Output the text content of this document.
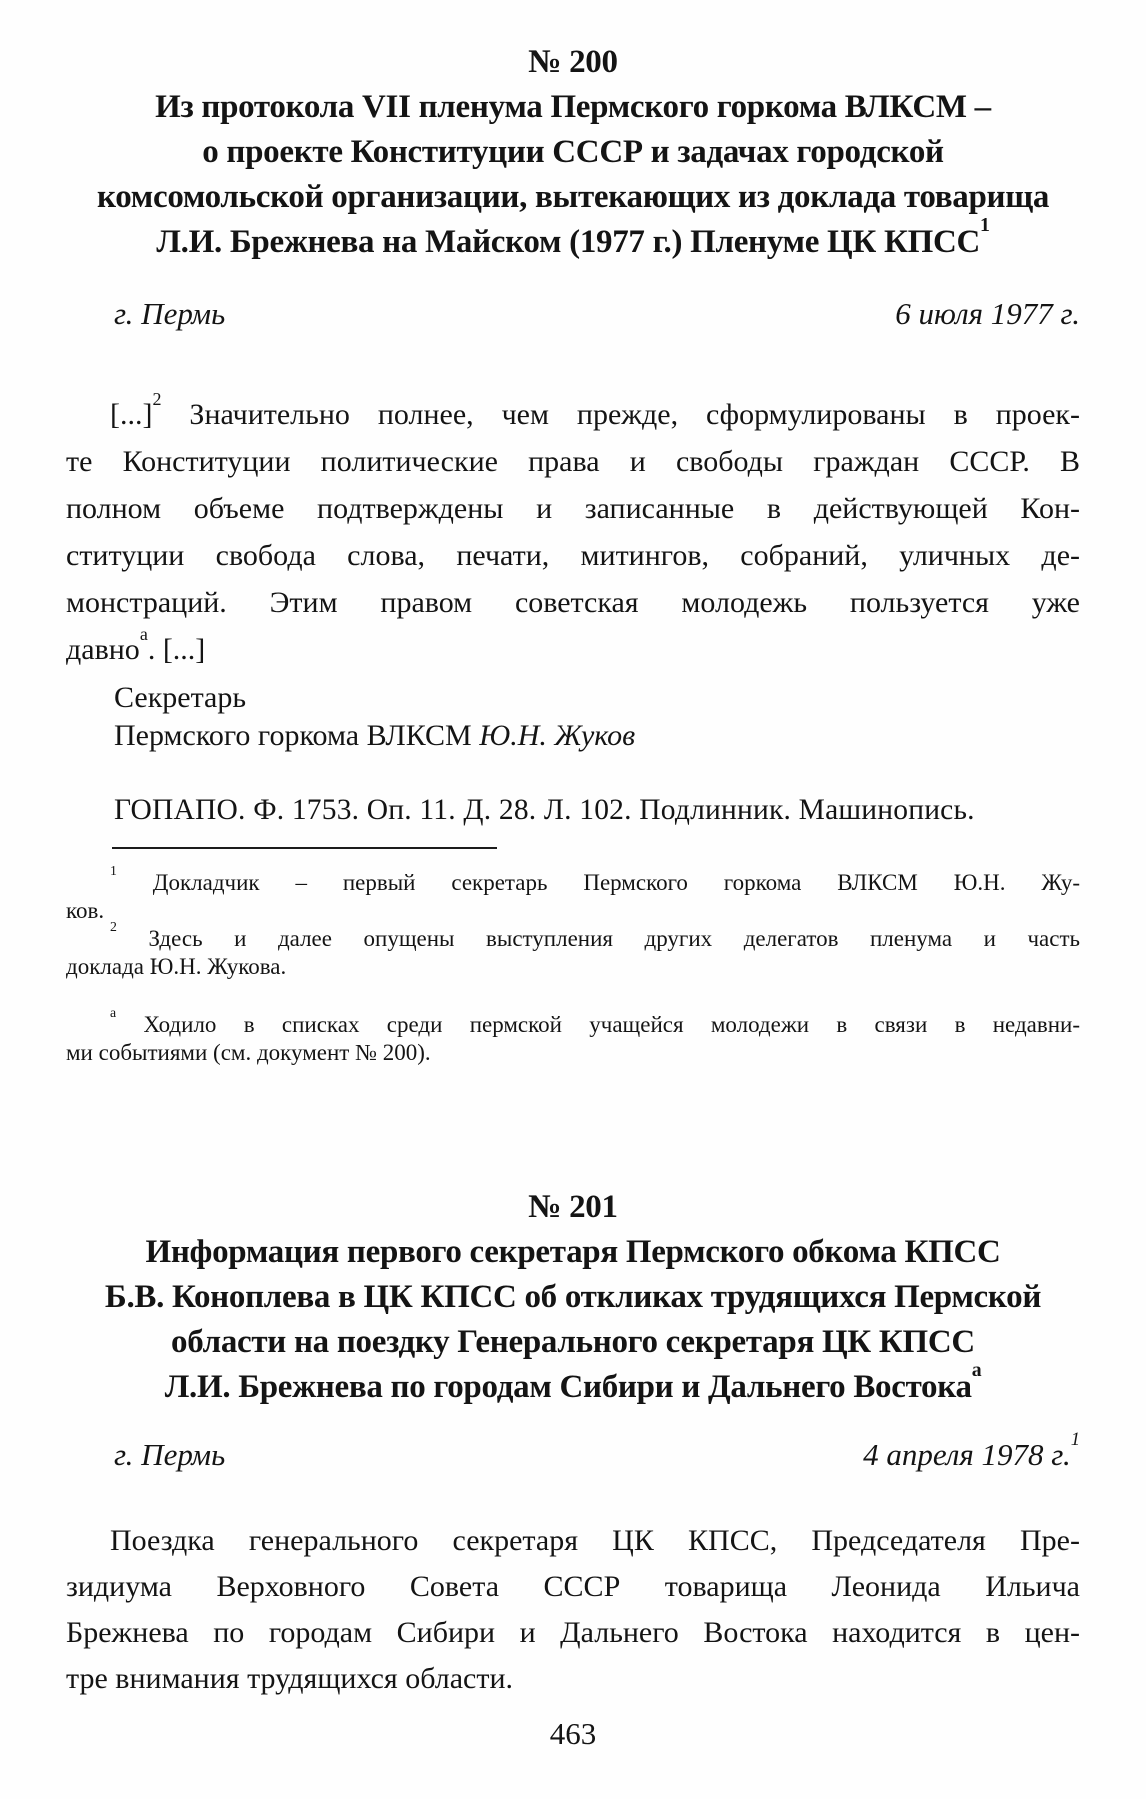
№ 200
Из протокола VII пленума Пермского горкома ВЛКСМ –
о проекте Конституции СССР и задачах городской
комсомольской организации, вытекающих из доклада товарища
Л.И. Брежнева на Майском (1977 г.) Пленуме ЦК КПСС$^1$
г. Пермь	6 июля 1977 г.
[...]$^2$ Значительно полнее, чем прежде, сформулированы в проек-
те Конституции политические права и свободы граждан СССР. В
полном объеме подтверждены и записанные в действующей Кон-
ституции свобода слова, печати, митингов, собраний, уличных де-
монстраций. Этим правом советская молодежь пользуется уже
давно$^а$. [...]
Секретарь
Пермского горкома ВЛКСМ Ю.Н. Жуков
ГОПАПО. Ф. 1753. Оп. 11. Д. 28. Л. 102. Подлинник. Машинопись.
$^1$ Докладчик – первый секретарь Пермского горкома ВЛКСМ Ю.Н. Жу-
ков.
$^2$ Здесь и далее опущены выступления других делегатов пленума и часть
доклада Ю.Н. Жукова.
$^а$ Ходило в списках среди пермской учащейся молодежи в связи в недавни-
ми событиями (см. документ № 200).
№ 201
Информация первого секретаря Пермского обкома КПСС
Б.В. Коноплева в ЦК КПСС об откликах трудящихся Пермской
области на поездку Генерального секретаря ЦК КПСС
Л.И. Брежнева по городам Сибири и Дальнего Востока$^а$
г. Пермь	4 апреля 1978 г.$^1$
Поездка генерального секретаря ЦК КПСС, Председателя Пре-
зидиума Верховного Совета СССР товарища Леонида Ильича
Брежнева по городам Сибири и Дальнего Востока находится в цен-
тре внимания трудящихся области.
463
